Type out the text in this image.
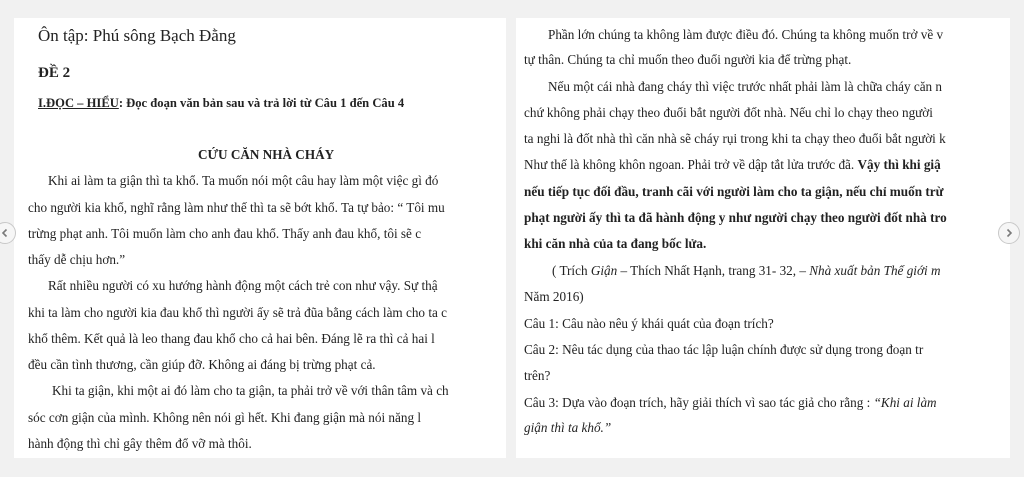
Ôn tập: Phú sông Bạch Đằng
ĐỀ 2
I.ĐỌC – HIỂU: Đọc đoạn văn bản sau và trả lời từ Câu 1 đến Câu 4
CỨU CĂN NHÀ CHÁY
Khi ai làm ta giận thì ta khổ. Ta muốn nói một câu hay làm một việc gì đó
cho người kia khổ, nghĩ rằng làm như thế thì ta sẽ bớt khổ. Ta tự bảo: “ Tôi mu
trừng phạt anh. Tôi muốn làm cho anh đau khổ. Thấy anh đau khổ, tôi sẽ c
thấy dễ chịu hơn.”
Rất nhiều người có xu hướng hành động một cách trẻ con như vậy. Sự thậ
khi ta làm cho người kia đau khổ thì người ấy sẽ trả đũa bằng cách làm cho ta c
khổ thêm. Kết quả là leo thang đau khổ cho cả hai bên. Đáng lẽ ra thì cả hai l
đều cần tình thương, cần giúp đỡ. Không ai đáng bị trừng phạt cả.
Khi ta giận, khi một ai đó làm cho ta giận, ta phải trở về với thân tâm và ch
sóc cơn giận của mình. Không nên nói gì hết. Khi đang giận mà nói năng l
hành động thì chỉ gây thêm đổ vỡ mà thôi.
Phần lớn chúng ta không làm được điều đó. Chúng ta không muốn trở về v
tự thân. Chúng ta chỉ muốn theo đuổi người kia để trừng phạt.
Nếu một cái nhà đang cháy thì việc trước nhất phải làm là chữa cháy căn n
chứ không phải chạy theo đuổi bắt người đốt nhà. Nếu chỉ lo chạy theo người
ta nghi là đốt nhà thì căn nhà sẽ cháy rụi trong khi ta chạy theo đuổi bắt người k
Như thế là không khôn ngoan. Phải trở về dập tắt lửa trước đã. Vậy thì khi giậ
nếu tiếp tục đối đầu, tranh cãi với người làm cho ta giận, nếu chỉ muốn trừ
phạt người ấy thì ta đã hành động y như người chạy theo người đốt nhà tro
khi căn nhà của ta đang bốc lửa.
( Trích Giận – Thích Nhất Hạnh, trang 31- 32, – Nhà xuất bản Thế giới m
Năm 2016)
Câu 1: Câu nào nêu ý khái quát của đoạn trích?
Câu 2: Nêu tác dụng của thao tác lập luận chính được sử dụng trong đoạn tr
trên?
Câu 3: Dựa vào đoạn trích, hãy giải thích vì sao tác giả cho rằng : “Khi ai làm
giận thì ta khổ.”
